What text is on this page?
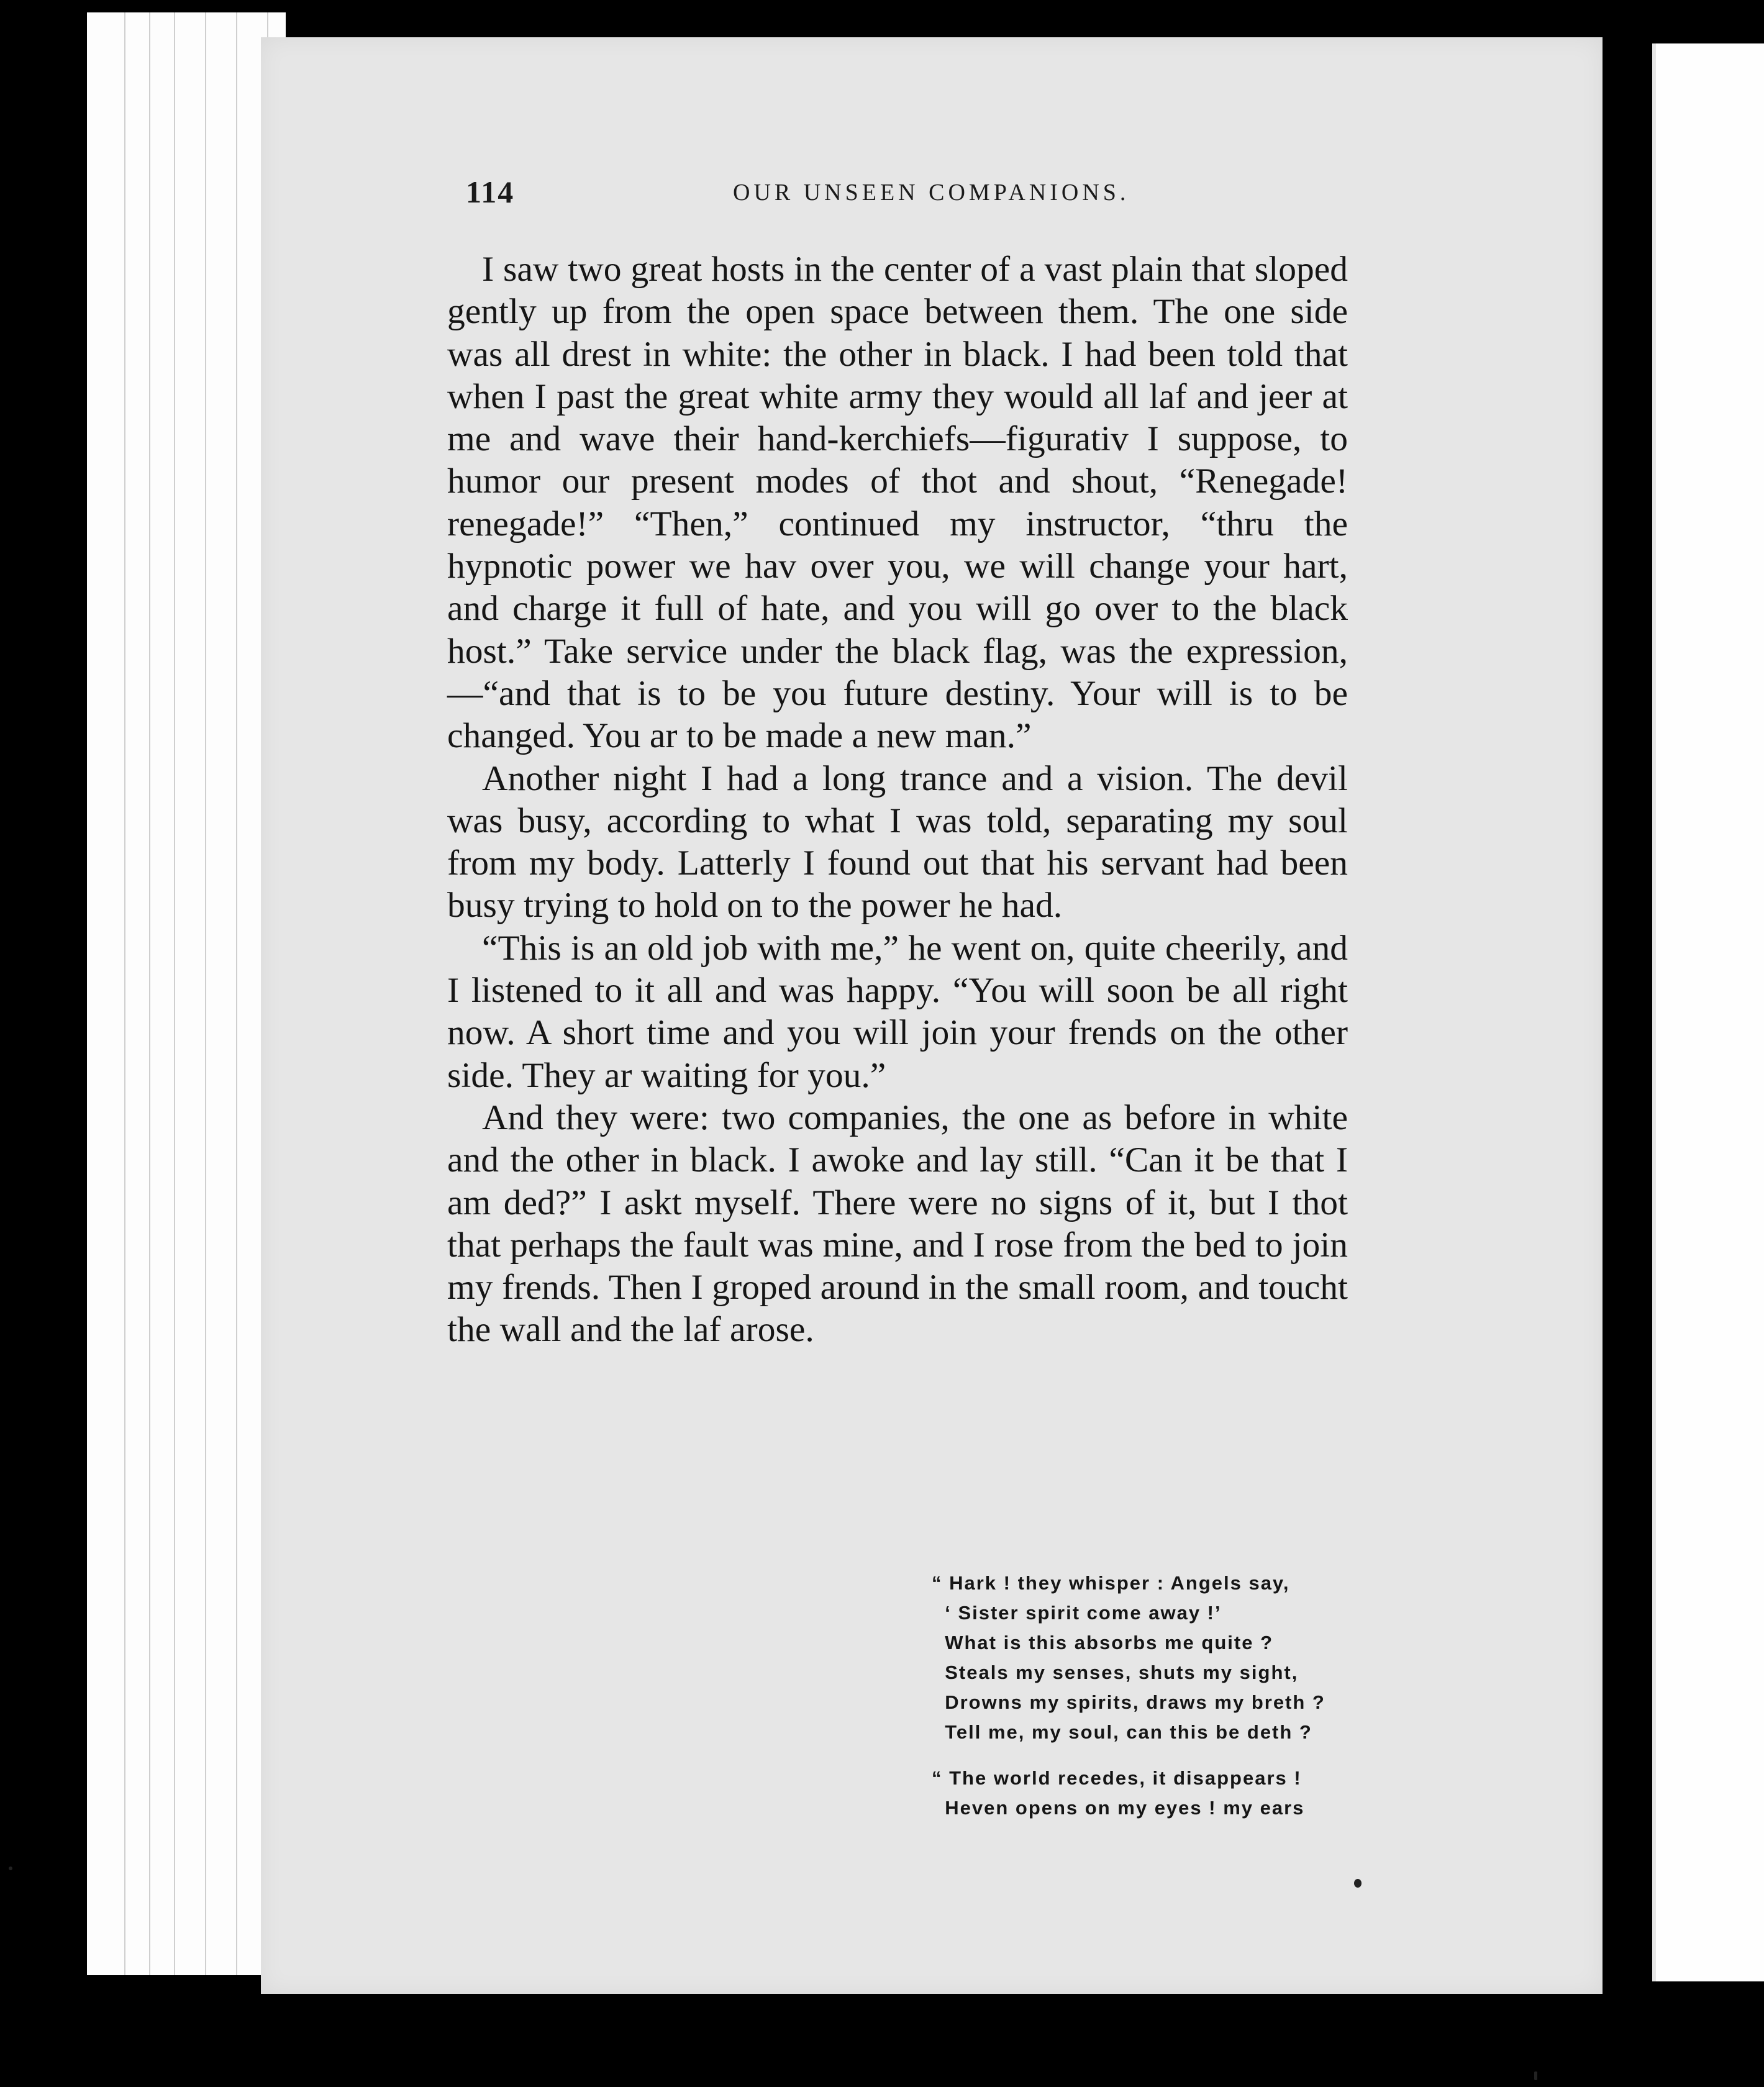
114	OUR UNSEEN COMPANIONS.

I saw two great hosts in the center of a vast plain that sloped gently up from the open space between them. The one side was all drest in white: the other in black. I had been told that when I past the great white army they would all laf and jeer at me and wave their hand-kerchiefs—figurativ I suppose, to humor our present modes of thot and shout, “Renegade! renegade!” “Then,” continued my instructor, “thru the hypnotic power we hav over you, we will change your hart, and charge it full of hate, and you will go over to the black host.” Take service under the black flag, was the expression,—“and that is to be you future destiny. Your will is to be changed. You ar to be made a new man.”

Another night I had a long trance and a vision. The devil was busy, according to what I was told, separating my soul from my body. Latterly I found out that his servant had been busy trying to hold on to the power he had.

“This is an old job with me,” he went on, quite cheerily, and I listened to it all and was happy. “You will soon be all right now. A short time and you will join your frends on the other side. They ar waiting for you.”

And they were: two companies, the one as before in white and the other in black. I awoke and lay still. “Can it be that I am ded?” I askt myself. There were no signs of it, but I thot that perhaps the fault was mine, and I rose from the bed to join my frends. Then I groped around in the small room, and toucht the wall and the laf arose.

“ Hark ! they whisper : Angels say,
‘ Sister spirit come away !’
What is this absorbs me quite ?
Steals my senses, shuts my sight,
Drowns my spirits, draws my breth ?
Tell me, my soul, can this be deth ?
“ The world recedes, it disappears !
Heven opens on my eyes ! my ears
